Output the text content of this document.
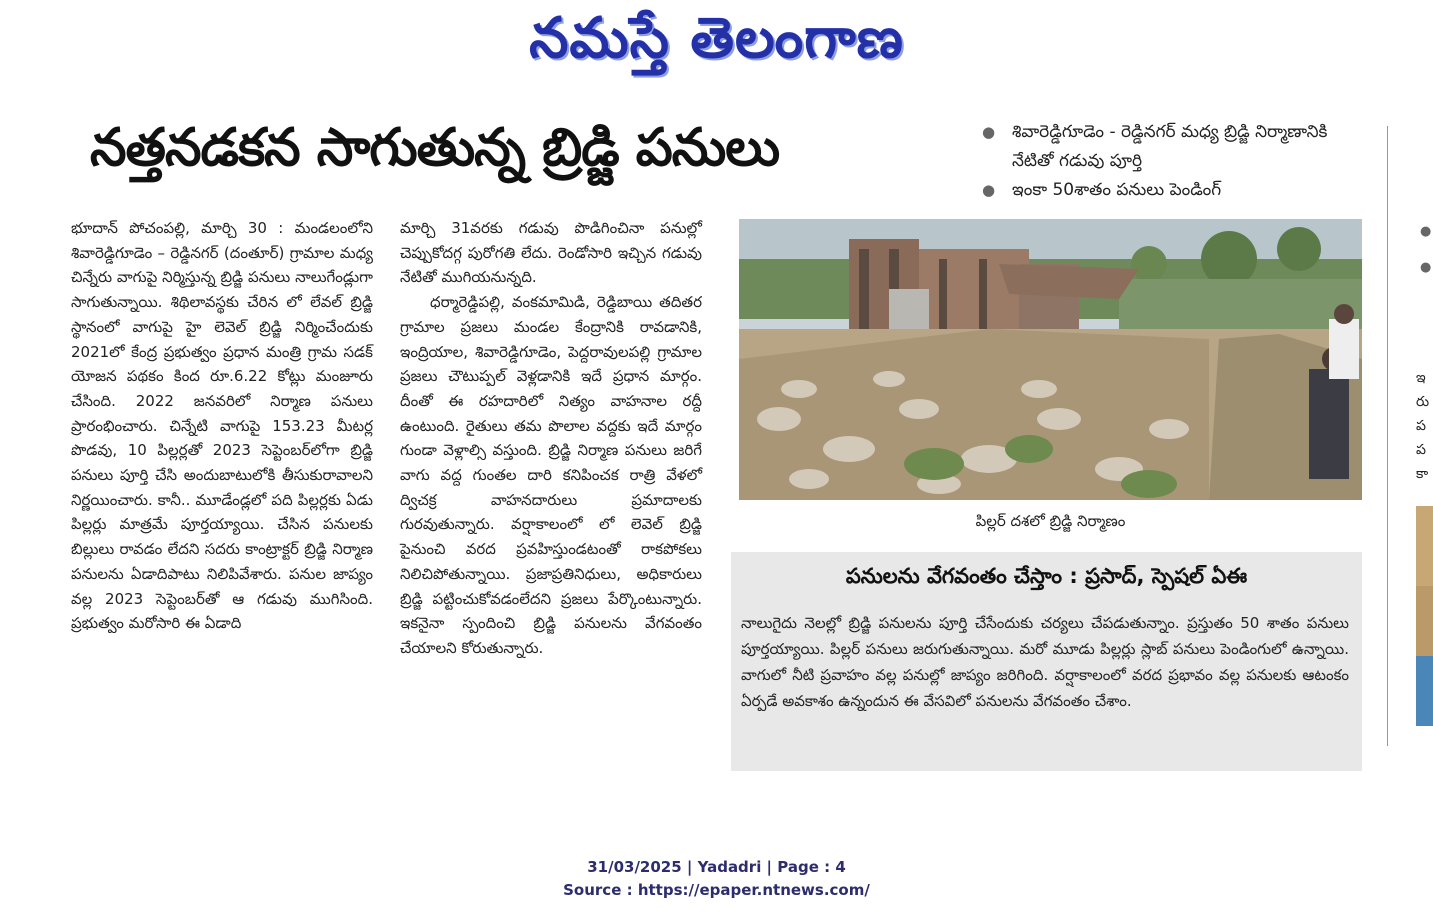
నమస్తే తెలంగాణ
నత్తనడకన సాగుతున్న బ్రిడ్జి పనులు	● శివారెడ్డిగూడెం - రెడ్డినగర్ మధ్య బ్రిడ్జి నిర్మాణానికి నేటితో గడువు పూర్తి
● ఇంకా 50శాతం పనులు పెండింగ్
భూదాన్ పోచంపల్లి, మార్చి 30 : మండలంలోని శివారెడ్డిగూడెం – రెడ్డినగర్ (దంతూర్) గ్రామాల మధ్య చిన్నేరు వాగుపై నిర్మిస్తున్న బ్రిడ్జి పనులు నాలుగేండ్లుగా సాగుతున్నాయి. శిథిలావస్థకు చేరిన లో లేవల్ బ్రిడ్జి స్థానంలో వాగుపై హై లెవెల్ బ్రిడ్జి నిర్మించేందుకు 2021లో కేంద్ర ప్రభుత్వం ప్రధాన మంత్రి గ్రామ సడక్ యోజన పథకం కింద రూ.6.22 కోట్లు మంజూరు చేసింది. 2022 జనవరిలో నిర్మాణ పనులు ప్రారంభించారు. చిన్నేటి వాగుపై 153.23 మీటర్ల పొడవు, 10 పిల్లర్లతో 2023 సెప్టెంబర్‌లోగా బ్రిడ్జి పనులు పూర్తి చేసి అందుబాటులోకి తీసుకురావాలని నిర్ణయించారు. కానీ.. మూడేండ్లలో పది పిల్లర్లకు ఏడు పిల్లర్లు మాత్రమే పూర్తయ్యాయి. చేసిన పనులకు బిల్లులు రావడం లేదని సదరు కాంట్రాక్టర్ బ్రిడ్జి నిర్మాణ పనులను ఏడాదిపాటు నిలిపివేశారు. పనుల జాప్యం వల్ల 2023 సెప్టెంబర్‌తో ఆ గడువు ముగిసింది. ప్రభుత్వం మరోసారి ఈ ఏడాది
మార్చి 31వరకు గడువు పొడిగించినా పనుల్లో చెప్పుకోదగ్గ పురోగతి లేదు. రెండోసారి ఇచ్చిన గడువు నేటితో ముగియనున్నది.
ధర్మారెడ్డిపల్లి, వంకమామిడి, రెడ్డిబాయి తదితర గ్రామాల ప్రజలు మండల కేంద్రానికి రావడానికి, ఇంద్రియాల, శివారెడ్డిగూడెం, పెద్దరావులపల్లి గ్రామాల ప్రజలు చౌటుప్పల్ వెళ్లడానికి ఇదే ప్రధాన మార్గం. దీంతో ఈ రహదారిలో నిత్యం వాహనాల రద్దీ ఉంటుంది. రైతులు తమ పొలాల వద్దకు ఇదే మార్గం గుండా వెళ్లాల్సి వస్తుంది. బ్రిడ్జి నిర్మాణ పనులు జరిగే వాగు వద్ద గుంతల దారి కనిపించక రాత్రి వేళలో ద్విచక్ర వాహనదారులు ప్రమాదాలకు గురవుతున్నారు. వర్షాకాలంలో లో లెవెల్ బ్రిడ్జి పైనుంచి వరద ప్రవహిస్తుండటంతో రాకపోకలు నిలిచిపోతున్నాయి. ప్రజాప్రతినిధులు, అధికారులు బ్రిడ్జి పట్టించుకోవడంలేదని ప్రజలు పేర్కొంటున్నారు. ఇకనైనా స్పందించి బ్రిడ్జి పనులను వేగవంతం చేయాలని కోరుతున్నారు.
పిల్లర్ దశలో బ్రిడ్జి నిర్మాణం
పనులను వేగవంతం చేస్తాం : ప్రసాద్, స్పెషల్ ఏఈ
నాలుగైదు నెలల్లో బ్రిడ్జి పనులను పూర్తి చేసేందుకు చర్యలు చేపడుతున్నాం. ప్రస్తుతం 50 శాతం పనులు పూర్తయ్యాయి. పిల్లర్ పనులు జరుగుతున్నాయి. మరో మూడు పిల్లర్లు స్లాబ్ పనులు పెండింగులో ఉన్నాయి. వాగులో నీటి ప్రవాహం వల్ల పనుల్లో జాప్యం జరిగింది. వర్షాకాలంలో వరద ప్రభావం వల్ల పనులకు ఆటంకం ఏర్పడే అవకాశం ఉన్నందున ఈ వేసవిలో పనులను వేగవంతం చేశాం.
●
●
ఇ
రు
ప
ప
కా
31/03/2025 | Yadadri | Page : 4
Source : https://epaper.ntnews.com/
